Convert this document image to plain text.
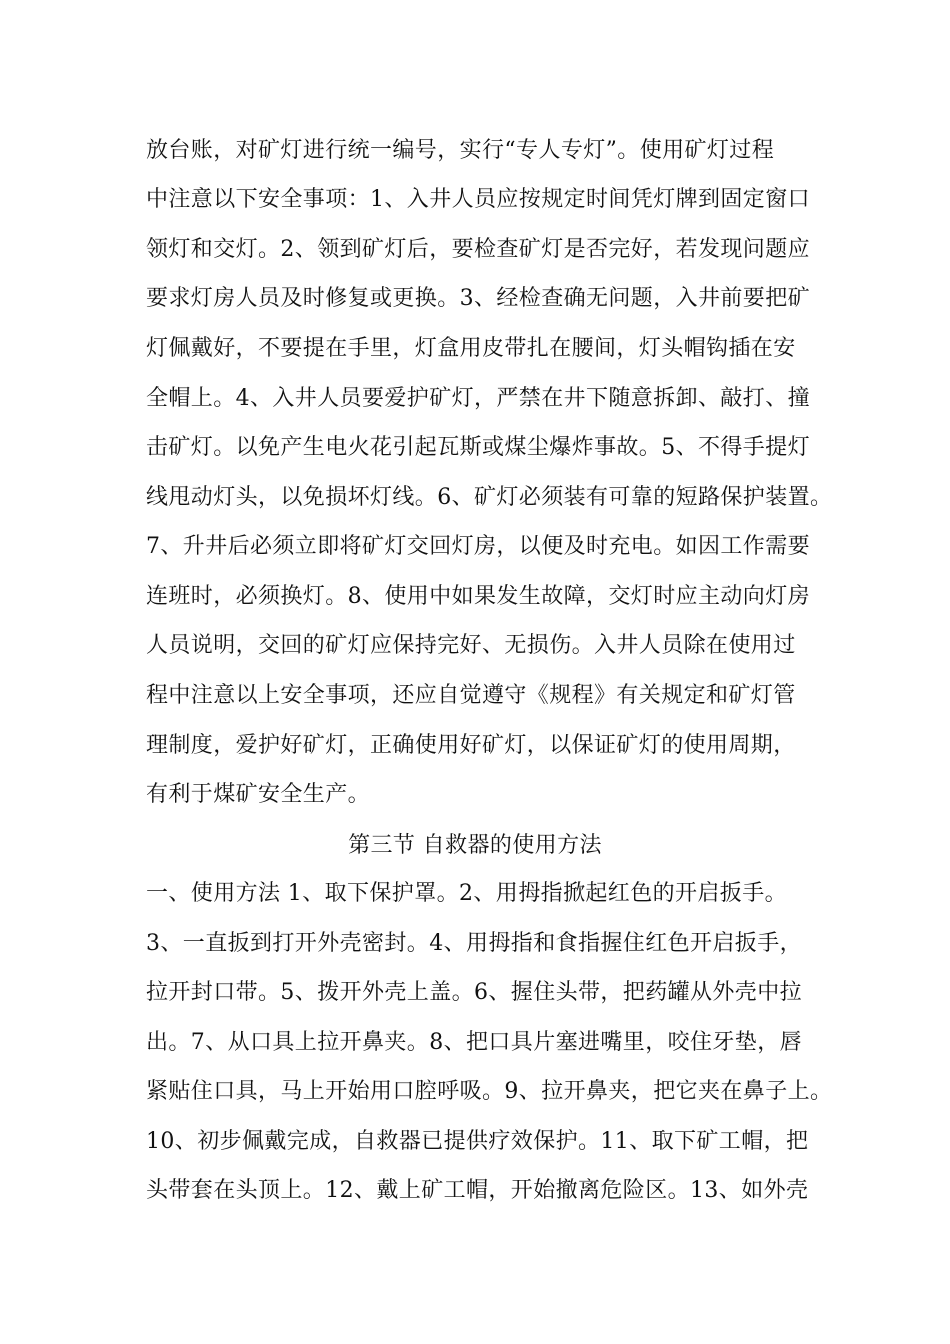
放台账，对矿灯进行统一编号，实行“专人专灯”。使用矿灯过程
中注意以下安全事项：1、入井人员应按规定时间凭灯牌到固定窗口
领灯和交灯。2、领到矿灯后，要检查矿灯是否完好，若发现问题应
要求灯房人员及时修复或更换。3、经检查确无问题，入井前要把矿
灯佩戴好，不要提在手里，灯盒用皮带扎在腰间，灯头帽钩插在安
全帽上。4、入井人员要爱护矿灯，严禁在井下随意拆卸、敲打、撞
击矿灯。以免产生电火花引起瓦斯或煤尘爆炸事故。5、不得手提灯
线甩动灯头，以免损坏灯线。6、矿灯必须装有可靠的短路保护装置。
7、升井后必须立即将矿灯交回灯房，以便及时充电。如因工作需要
连班时，必须换灯。8、使用中如果发生故障，交灯时应主动向灯房
人员说明，交回的矿灯应保持完好、无损伤。入井人员除在使用过
程中注意以上安全事项，还应自觉遵守《规程》有关规定和矿灯管
理制度，爱护好矿灯，正确使用好矿灯，以保证矿灯的使用周期，
有利于煤矿安全生产。
第三节 自救器的使用方法
一、使用方法 1、取下保护罩。2、用拇指掀起红色的开启扳手。
3、一直扳到打开外壳密封。4、用拇指和食指握住红色开启扳手，
拉开封口带。5、拨开外壳上盖。6、握住头带，把药罐从外壳中拉
出。7、从口具上拉开鼻夹。8、把口具片塞进嘴里，咬住牙垫，唇
紧贴住口具，马上开始用口腔呼吸。9、拉开鼻夹，把它夹在鼻子上。
10、初步佩戴完成，自救器已提供疗效保护。11、取下矿工帽，把
头带套在头顶上。12、戴上矿工帽，开始撤离危险区。13、如外壳
